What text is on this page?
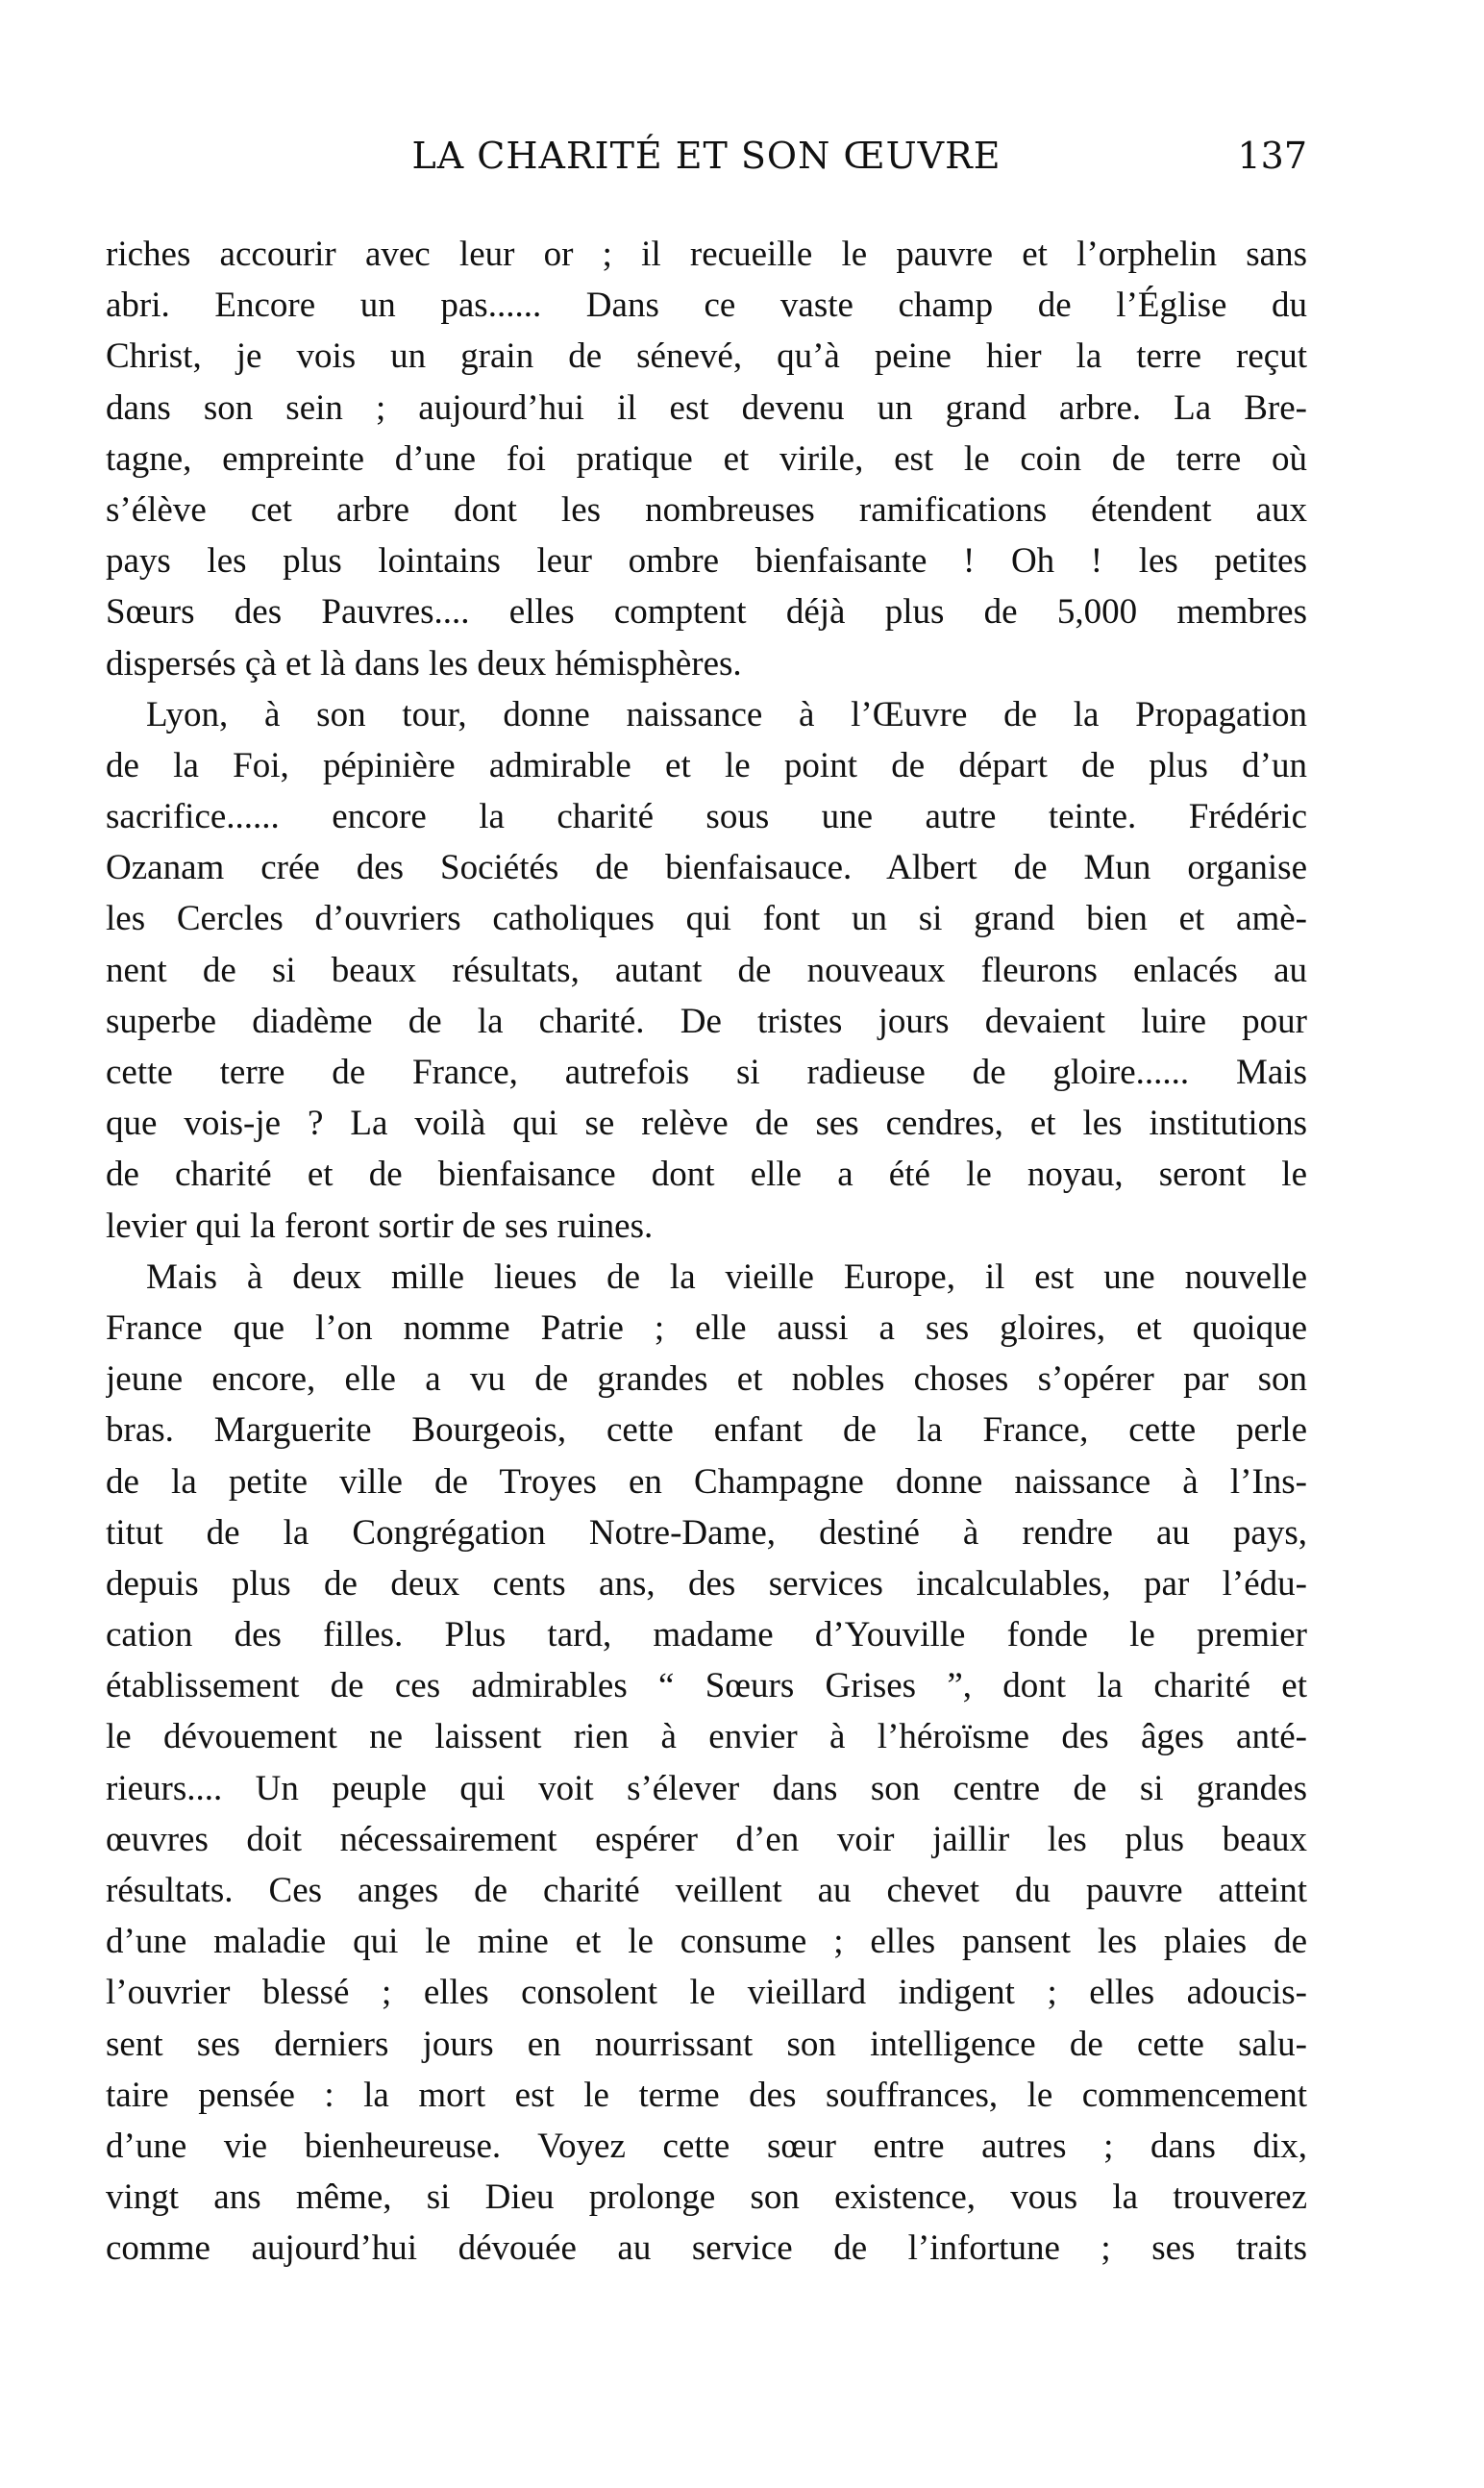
LA CHARITÉ ET SON ŒUVRE	137
riches accourir avec leur or ; il recueille le pauvre et l’orphelin sans
abri. Encore un pas...... Dans ce vaste champ de l’Église du
Christ, je vois un grain de sénevé, qu’à peine hier la terre reçut
dans son sein ; aujourd’hui il est devenu un grand arbre. La Bre-
tagne, empreinte d’une foi pratique et virile, est le coin de terre où
s’élève cet arbre dont les nombreuses ramifications étendent aux
pays les plus lointains leur ombre bienfaisante ! Oh ! les petites
Sœurs des Pauvres.... elles comptent déjà plus de 5,000 membres
dispersés çà et là dans les deux hémisphères.
Lyon, à son tour, donne naissance à l’Œuvre de la Propagation
de la Foi, pépinière admirable et le point de départ de plus d’un
sacrifice...... encore la charité sous une autre teinte. Frédéric
Ozanam crée des Sociétés de bienfaisauce. Albert de Mun organise
les Cercles d’ouvriers catholiques qui font un si grand bien et amè-
nent de si beaux résultats, autant de nouveaux fleurons enlacés au
superbe diadème de la charité. De tristes jours devaient luire pour
cette terre de France, autrefois si radieuse de gloire...... Mais
que vois-je ? La voilà qui se relève de ses cendres, et les institutions
de charité et de bienfaisance dont elle a été le noyau, seront le
levier qui la feront sortir de ses ruines.
Mais à deux mille lieues de la vieille Europe, il est une nouvelle
France que l’on nomme Patrie ; elle aussi a ses gloires, et quoique
jeune encore, elle a vu de grandes et nobles choses s’opérer par son
bras. Marguerite Bourgeois, cette enfant de la France, cette perle
de la petite ville de Troyes en Champagne donne naissance à l’Ins-
titut de la Congrégation Notre-Dame, destiné à rendre au pays,
depuis plus de deux cents ans, des services incalculables, par l’édu-
cation des filles. Plus tard, madame d’Youville fonde le premier
établissement de ces admirables “ Sœurs Grises ”, dont la charité et
le dévouement ne laissent rien à envier à l’héroïsme des âges anté-
rieurs.... Un peuple qui voit s’élever dans son centre de si grandes
œuvres doit nécessairement espérer d’en voir jaillir les plus beaux
résultats. Ces anges de charité veillent au chevet du pauvre atteint
d’une maladie qui le mine et le consume ; elles pansent les plaies de
l’ouvrier blessé ; elles consolent le vieillard indigent ; elles adoucis-
sent ses derniers jours en nourrissant son intelligence de cette salu-
taire pensée : la mort est le terme des souffrances, le commencement
d’une vie bienheureuse. Voyez cette sœur entre autres ; dans dix,
vingt ans même, si Dieu prolonge son existence, vous la trouverez
comme aujourd’hui dévouée au service de l’infortune ; ses traits
